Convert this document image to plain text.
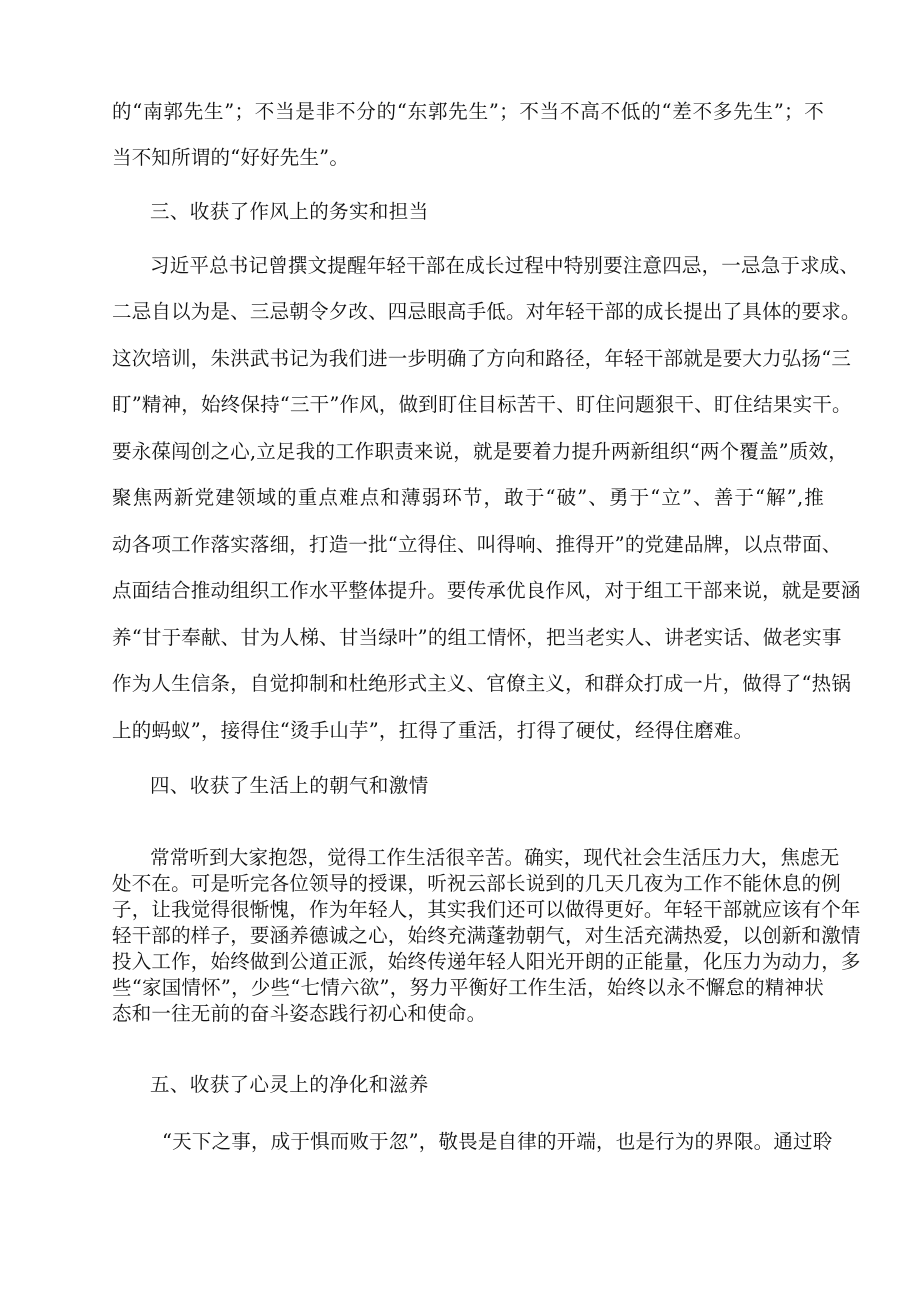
的“南郭先生”；不当是非不分的“东郭先生”；不当不高不低的“差不多先生”；不
当不知所谓的“好好先生”。
三、收获了作风上的务实和担当
习近平总书记曾撰文提醒年轻干部在成长过程中特别要注意四忌，一忌急于求成、
二忌自以为是、三忌朝令夕改、四忌眼高手低。对年轻干部的成长提出了具体的要求。
这次培训，朱洪武书记为我们进一步明确了方向和路径，年轻干部就是要大力弘扬“三
盯”精神，始终保持“三干”作风，做到盯住目标苦干、盯住问题狠干、盯住结果实干。
要永葆闯创之心,立足我的工作职责来说，就是要着力提升两新组织“两个覆盖”质效，
聚焦两新党建领域的重点难点和薄弱环节，敢于“破”、勇于“立”、善于“解”,推
动各项工作落实落细，打造一批“立得住、叫得响、推得开”的党建品牌，以点带面、
点面结合推动组织工作水平整体提升。要传承优良作风，对于组工干部来说，就是要涵
养“甘于奉献、甘为人梯、甘当绿叶”的组工情怀，把当老实人、讲老实话、做老实事
作为人生信条，自觉抑制和杜绝形式主义、官僚主义，和群众打成一片，做得了“热锅
上的蚂蚁”，接得住“烫手山芋”，扛得了重活，打得了硬仗，经得住磨难。
四、收获了生活上的朝气和激情
常常听到大家抱怨，觉得工作生活很辛苦。确实，现代社会生活压力大，焦虑无
处不在。可是听完各位领导的授课，听祝云部长说到的几天几夜为工作不能休息的例
子，让我觉得很惭愧，作为年轻人，其实我们还可以做得更好。年轻干部就应该有个年
轻干部的样子，要涵养德诚之心，始终充满蓬勃朝气，对生活充满热爱，以创新和激情
投入工作，始终做到公道正派，始终传递年轻人阳光开朗的正能量，化压力为动力，多
些“家国情怀”，少些“七情六欲”，努力平衡好工作生活，始终以永不懈怠的精神状
态和一往无前的奋斗姿态践行初心和使命。
五、收获了心灵上的净化和滋养
“天下之事，成于惧而败于忽”，敬畏是自律的开端，也是行为的界限。通过聆
